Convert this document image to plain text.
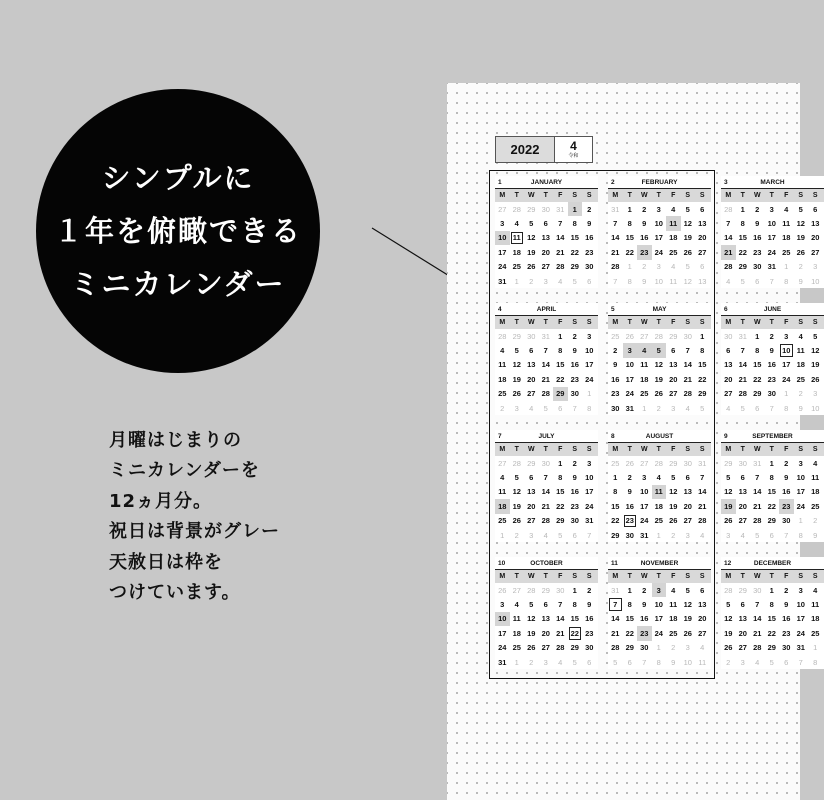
シンプルに
１年を俯瞰できる
ミニカレンダー
月曜はじまりの
ミニカレンダーを
12ヵ月分。
祝日は背景がグレー
天赦日は枠を
つけています。
2022	4
令和
1	JANUARY
M	T	W	T	F	S	S
27 28 29 30 31	1	2
3	4	5	6	7	8	9
10 11 12 13 14 15 16
17 18 19 20 21 22 23
24 25 26 27 28 29 30
31	1	2	3	4	5	6
2	FEBRUARY
M	T	W	T	F	S	S
31	1	2	3	4	5	6
7	8	9	10 11 12 13
14 15 16 17 18 19 20
21 22 23 24 25 26 27
28	1	2	3	4	5	6
7	8	9	10 11 12 13
3	MARCH
M	T	W	T	F	S	S
28	1	2	3	4	5	6
7	8	9	10 11 12 13
14 15 16 17 18 19 20
21 22 23 24 25 26 27
28 29 30 31	1	2	3
4	5	6	7	8	9	10
4	APRIL
M	T	W	T	F	S	S
28 29 30 31	1	2	3
4	5	6	7	8	9	10
11 12 13 14 15 16 17
18 19 20 21 22 23 24
25 26 27 28 29 30	1
2	3	4	5	6	7	8
5	MAY
M	T	W	T	F	S	S
25 26 27 28 29 30	1
2	3	4	5	6	7	8
9	10 11 12 13 14 15
16 17 18 19 20 21 22
23 24 25 26 27 28 29
30 31	1	2	3	4	5
6	JUNE
M	T	W	T	F	S	S
30 31	1	2	3	4	5
6	7	8	9	10 11 12
13 14 15 16 17 18 19
20 21 22 23 24 25 26
27 28 29 30	1	2	3
4	5	6	7	8	9	10
7	JULY
M	T	W	T	F	S	S
27 28 29 30	1	2	3
4	5	6	7	8	9	10
11 12 13 14 15 16 17
18 19 20 21 22 23 24
25 26 27 28 29 30 31
1	2	3	4	5	6	7
8	AUGUST
M	T	W	T	F	S	S
25 26 27 28 29 30 31
1	2	3	4	5	6	7
8	9	10 11 12 13 14
15 16 17 18 19 20 21
22 23 24 25 26 27 28
29 30 31	1	2	3	4
9	SEPTEMBER
M	T	W	T	F	S	S
29 30 31	1	2	3	4
5	6	7	8	9	10 11
12 13 14 15 16 17 18
19 20 21 22 23 24 25
26 27 28 29 30	1	2
3	4	5	6	7	8	9
10	OCTOBER
M	T	W	T	F	S	S
26 27 28 29 30	1	2
3	4	5	6	7	8	9
10 11 12 13 14 15 16
17 18 19 20 21 22 23
24 25 26 27 28 29 30
31	1	2	3	4	5	6
11	NOVEMBER
M	T	W	T	F	S	S
31	1	2	3	4	5	6
7	8	9	10 11 12 13
14 15 16 17 18 19 20
21 22 23 24 25 26 27
28 29 30	1	2	3	4
5	6	7	8	9	10 11
12	DECEMBER
M	T	W	T	F	S	S
28 29 30	1	2	3	4
5	6	7	8	9	10 11
12 13 14 15 16 17 18
19 20 21 22 23 24 25
26 27 28 29 30 31	1
2	3	4	5	6	7	8
